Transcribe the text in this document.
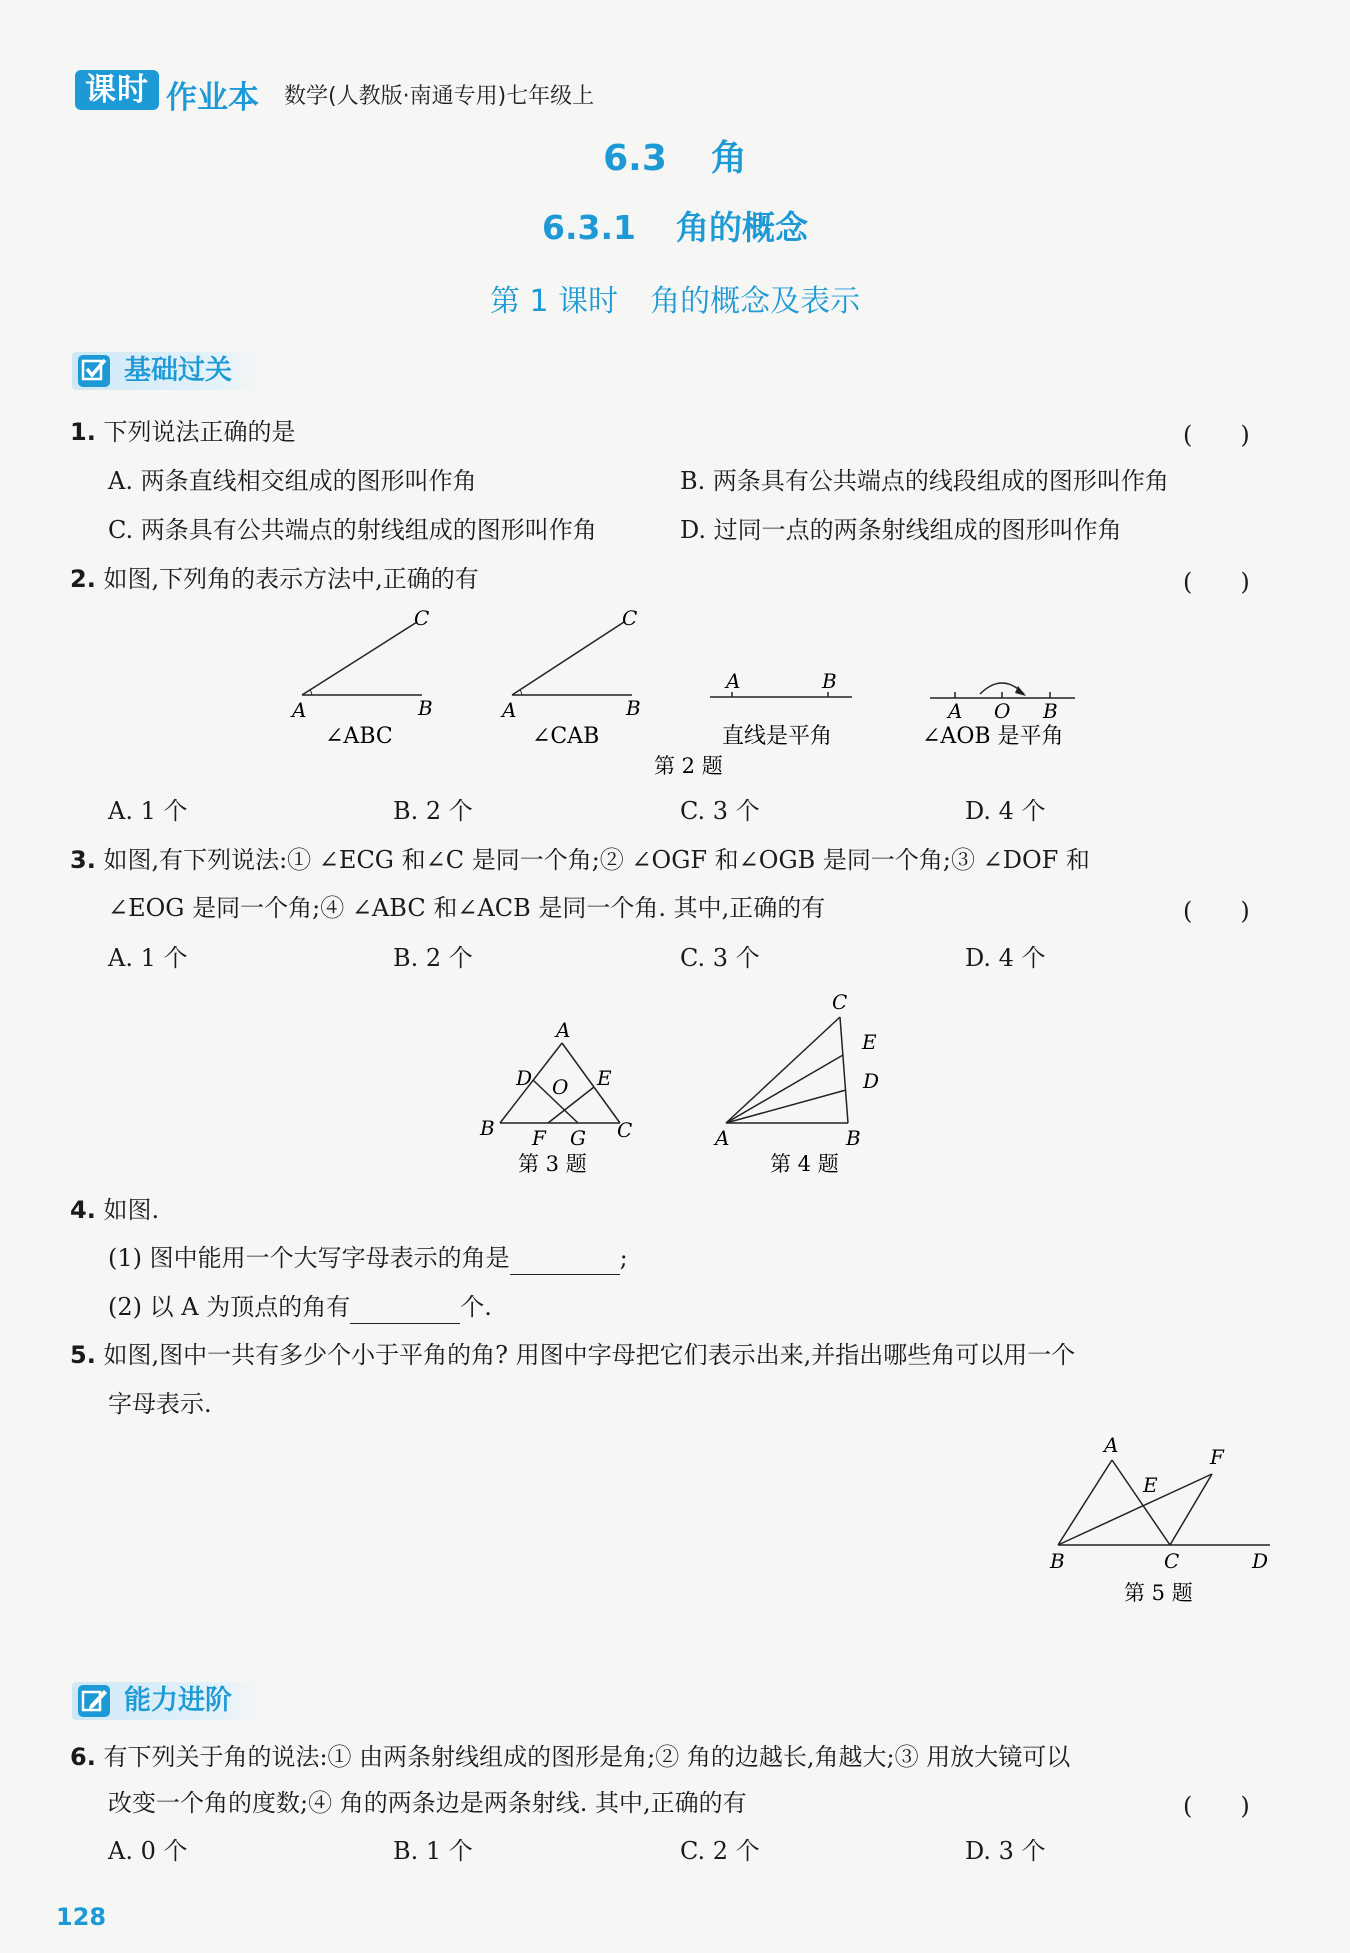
课时 作业本 数学(人教版·南通专用)七年级上
6.3 角
6.3.1 角的概念
第 1 课时 角的概念及表示
基础过关
1. 下列说法正确的是	(　　)
A. 两条直线相交组成的图形叫作角	B. 两条具有公共端点的线段组成的图形叫作角
C. 两条具有公共端点的射线组成的图形叫作角	D. 过同一点的两条射线组成的图形叫作角
2. 如图,下列角的表示方法中,正确的有	(　　)
C
A	B
∠ABC
C
A	B
∠CAB
A	B
直线是平角
A O B
∠AOB 是平角
第 2 题
A. 1 个	B. 2 个	C. 3 个	D. 4 个
3. 如图,有下列说法:① ∠ECG 和∠C 是同一个角;② ∠OGF 和∠OGB 是同一个角;③ ∠DOF 和
∠EOG 是同一个角;④ ∠ABC 和∠ACB 是同一个角. 其中,正确的有	(　　)
A. 1 个	B. 2 个	C. 3 个	D. 4 个
A
D O E
B F G C
第 3 题
C
E
D
A	B
第 4 题
4. 如图.
(1) 图中能用一个大写字母表示的角是	;
(2) 以 A 为顶点的角有	个.
5. 如图,图中一共有多少个小于平角的角? 用图中字母把它们表示出来,并指出哪些角可以用一个
字母表示.
A	F
E
B	C	D
第 5 题
能力进阶
6. 有下列关于角的说法:① 由两条射线组成的图形是角;② 角的边越长,角越大;③ 用放大镜可以
改变一个角的度数;④ 角的两条边是两条射线. 其中,正确的有	(　　)
A. 0 个	B. 1 个	C. 2 个	D. 3 个
128
